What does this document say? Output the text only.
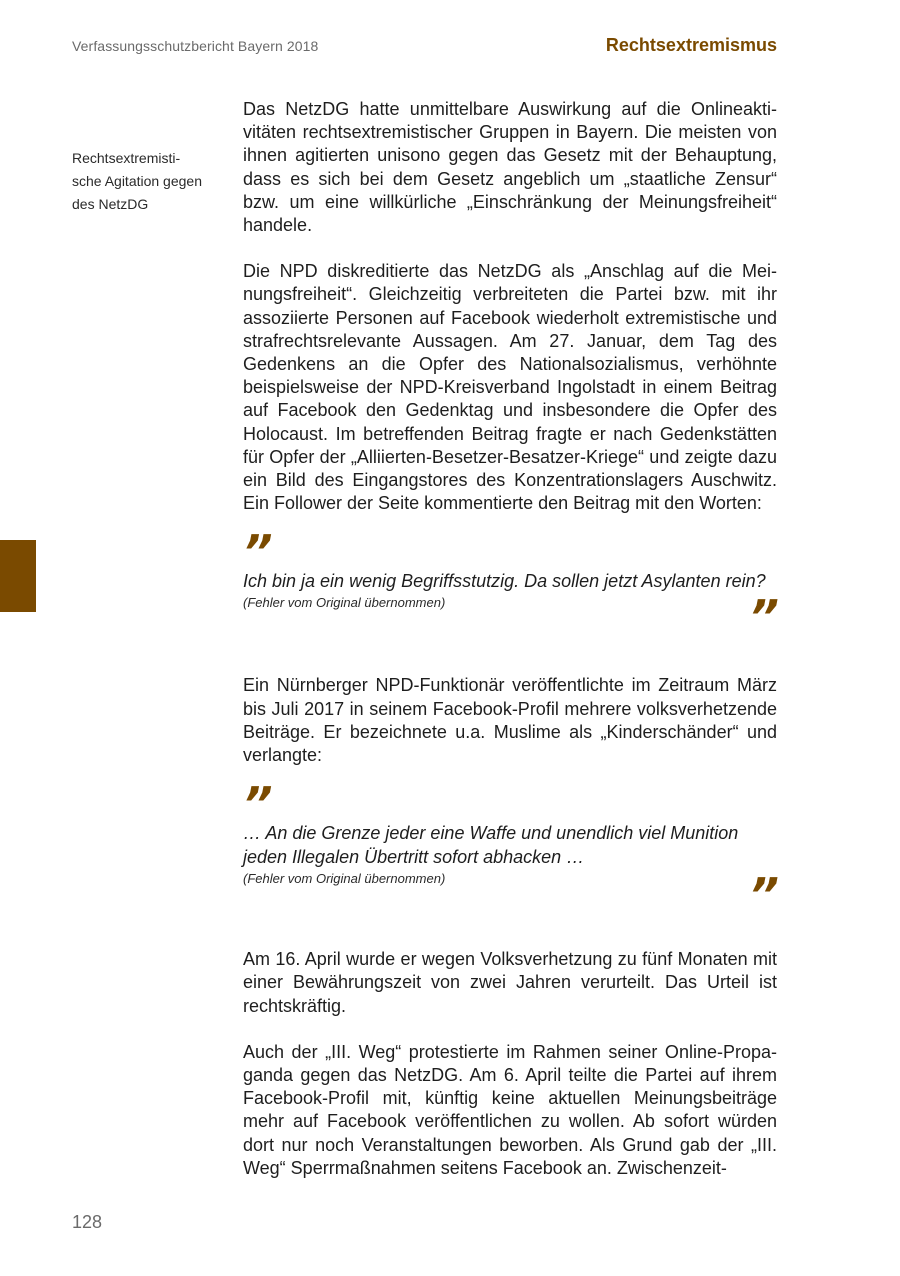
Verfassungsschutzbericht Bayern 2018	Rechtsextremismus
Rechtsextremisti-
sche Agitation gegen
des NetzDG

Das NetzDG hatte unmittelbare Auswirkung auf die Onlineaktivitäten rechtsextremistischer Gruppen in Bayern. Die meisten von ihnen agitierten unisono gegen das Gesetz mit der Behauptung, dass es sich bei dem Gesetz angeblich um „staatliche Zensur“ bzw. um eine willkürliche „Einschränkung der Meinungsfreiheit“ handele.

Die NPD diskreditierte das NetzDG als „Anschlag auf die Meinungsfreiheit“. Gleichzeitig verbreiteten die Partei bzw. mit ihr assoziierte Personen auf Facebook wiederholt extremistische und strafrechtsrelevante Aussagen. Am 27. Januar, dem Tag des Gedenkens an die Opfer des Nationalsozialismus, verhöhnte beispielsweise der NPD-Kreisverband Ingolstadt in einem Beitrag auf Facebook den Gedenktag und insbesondere die Opfer des Holocaust. Im betreffenden Beitrag fragte er nach Gedenkstätten für Opfer der „Alliierten-Besetzer-Besatzer-Kriege“ und zeigte dazu ein Bild des Eingangstores des Konzentrationslagers Auschwitz. Ein Follower der Seite kommentierte den Beitrag mit den Worten:

”

Ich bin ja ein wenig Begriffsstutzig. Da sollen jetzt Asylanten rein?

(Fehler vom Original übernommen)	”

Ein Nürnberger NPD-Funktionär veröffentlichte im Zeitraum März bis Juli 2017 in seinem Facebook-Profil mehrere volksverhetzende Beiträge. Er bezeichnete u.a. Muslime als „Kinderschänder“ und verlangte:

”

… An die Grenze jeder eine Waffe und unendlich viel Munition

jeden Illegalen Übertritt sofort abhacken …

(Fehler vom Original übernommen)	”

Am 16. April wurde er wegen Volksverhetzung zu fünf Monaten mit einer Bewährungszeit von zwei Jahren verurteilt. Das Urteil ist rechtskräftig.

Auch der „III. Weg“ protestierte im Rahmen seiner Online-Propaganda gegen das NetzDG. Am 6. April teilte die Partei auf ihrem Facebook-Profil mit, künftig keine aktuellen Meinungsbeiträge mehr auf Facebook veröffentlichen zu wollen. Ab sofort würden dort nur noch Veranstaltungen beworben. Als Grund gab der „III. Weg“ Sperrmaßnahmen seitens Facebook an. Zwischenzeit-

128
